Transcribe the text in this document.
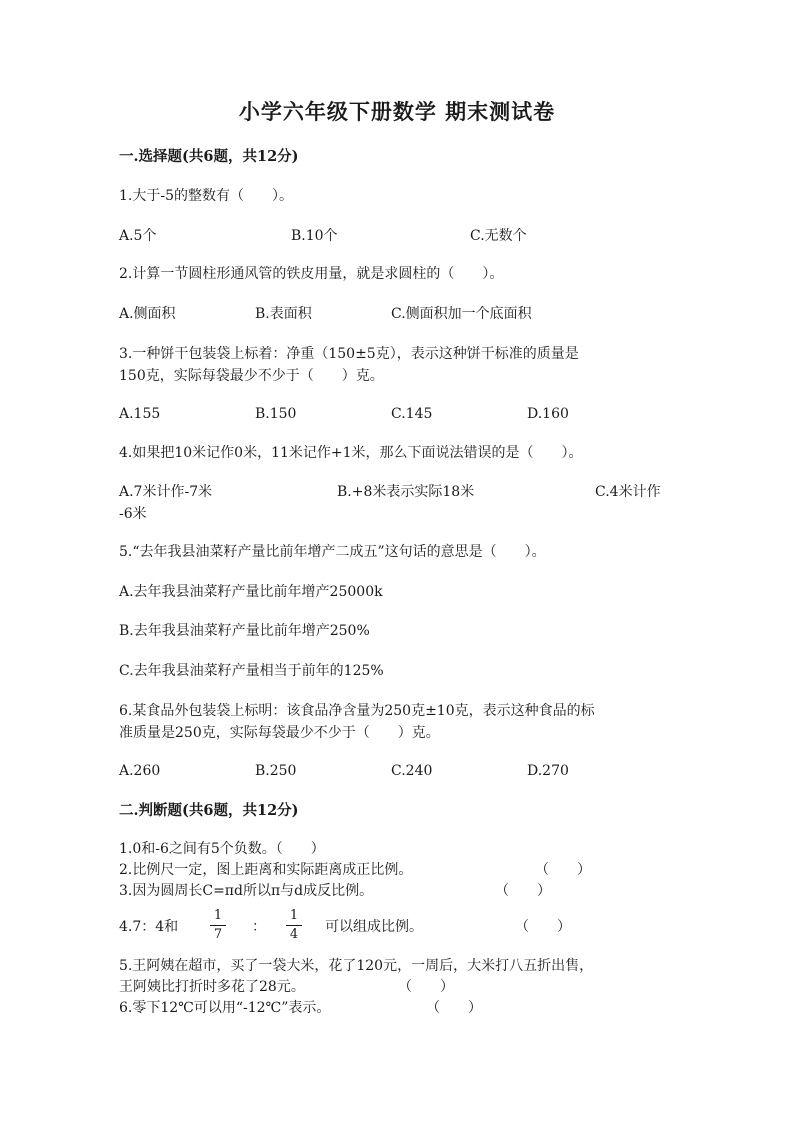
小学六年级下册数学 期末测试卷
一.选择题(共6题，共12分)
1.大于-5的整数有（　　）。
A.5个	B.10个	C.无数个
2.计算一节圆柱形通风管的铁皮用量，就是求圆柱的（　　）。
A.侧面积	B.表面积	C.侧面积加一个底面积
3.一种饼干包装袋上标着：净重（150±5克），表示这种饼干标准的质量是
150克，实际每袋最少不少于（　　）克。
A.155	B.150	C.145	D.160
4.如果把10米记作0米，11米记作+1米，那么下面说法错误的是（　　）。
A.7米计作-7米	B.+8米表示实际18米	C.4米计作
-6米
5.“去年我县油菜籽产量比前年增产二成五”这句话的意思是（　　）。
A.去年我县油菜籽产量比前年增产25000k
B.去年我县油菜籽产量比前年增产250%
C.去年我县油菜籽产量相当于前年的125%
6.某食品外包装袋上标明：该食品净含量为250克±10克，表示这种食品的标
准质量是250克，实际每袋最少不少于（　　）克。
A.260	B.250	C.240	D.270
二.判断题(共6题，共12分)
1.0和-6之间有5个负数。（　　）
2.比例尺一定，图上距离和实际距离成正比例。	（　　）
3.因为圆周长C=πd所以π与d成反比例。	（　　）
4.7：4和
1
7	：
1
4	可以组成比例。	（　　）
5.王阿姨在超市，买了一袋大米，花了120元，一周后，大米打八五折出售，
王阿姨比打折时多花了28元。	（　　）
6.零下12℃可以用“-12℃”表示。	（　　）
